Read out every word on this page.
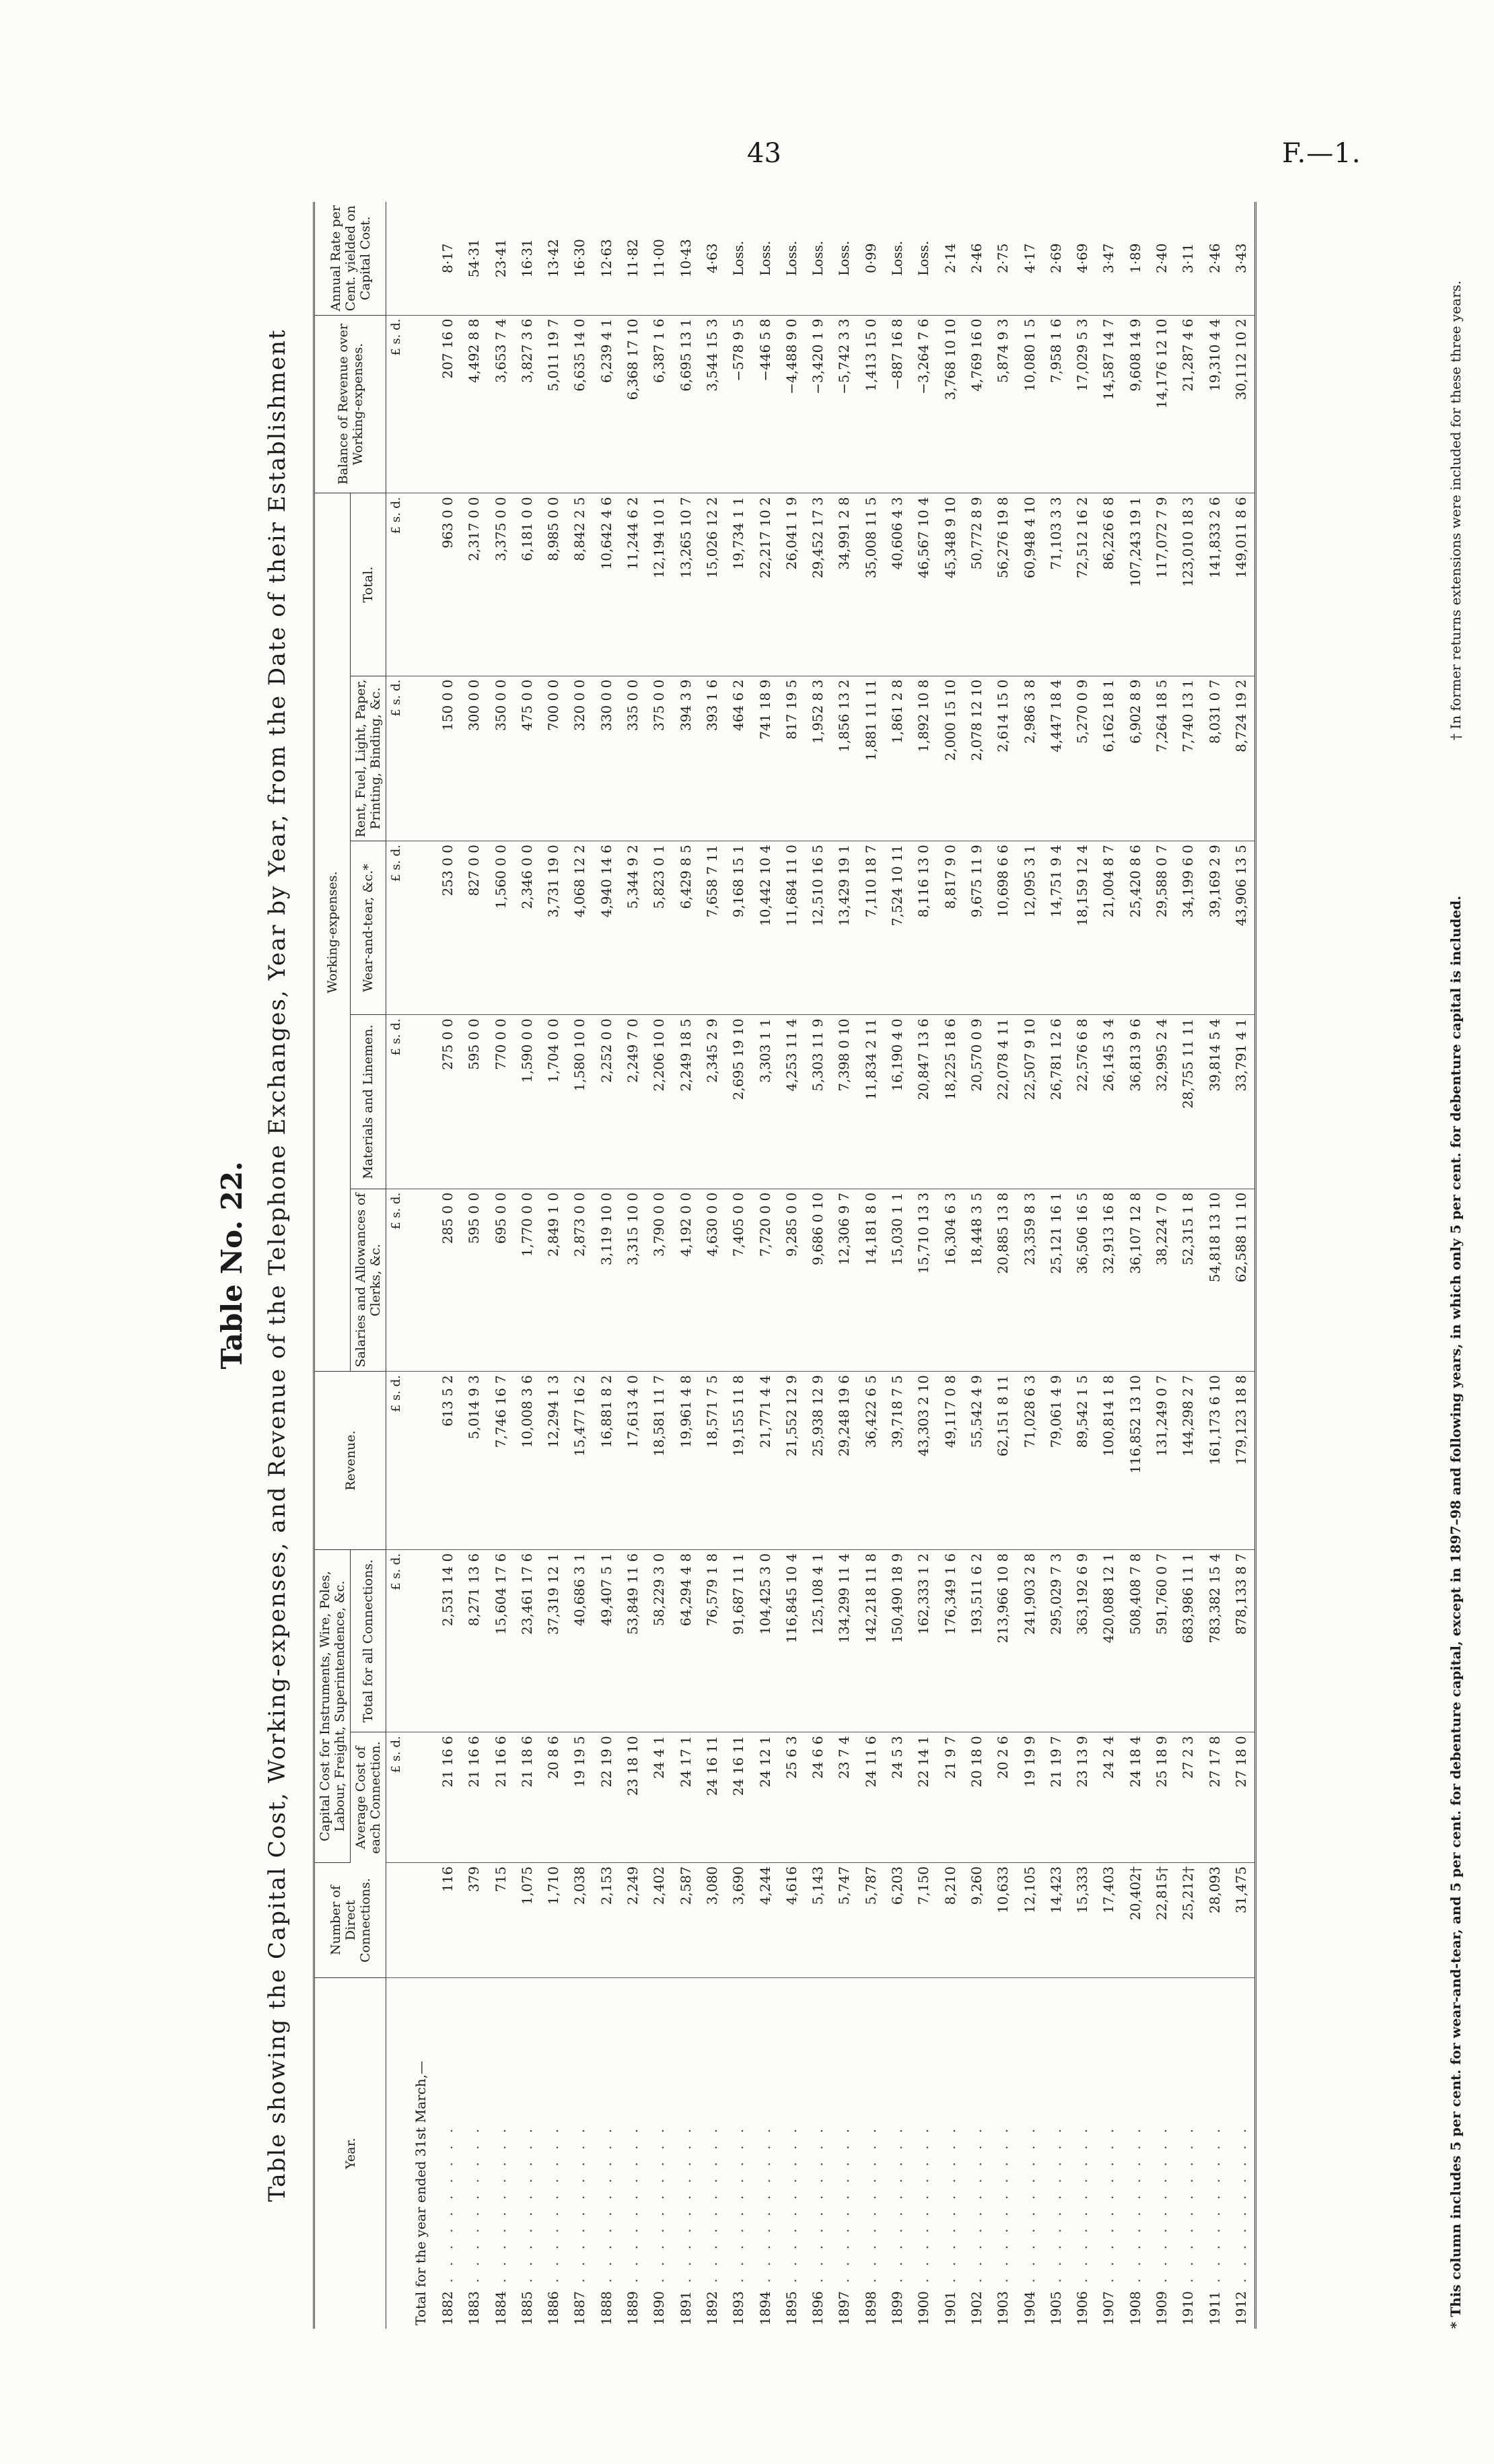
43	F.—1.
Table No. 22. Table showing the Capital Cost, Working-expenses, and Revenue of the Telephone Exchanges, Year by Year, from the Date of their Establishment	Year.	Number of Direct Connections.	Capital Cost for Instruments, Wire, Poles, Labour, Freight, Superintendence, &c.		Revenue.	Working-expenses.					Balance of Revenue over Working-expenses.	Annual Rate per Cent. yielded on Capital Cost.
		Average Cost of each Connection.	Total for all Connections.		Salaries and Allowances of Clerks, &c.	Materials and Linemen.	Wear-and-tear, &c.*	Rent, Fuel, Light, Paper, Printing, Binding, &c.	Total.		
		£ s. d.	£ s. d.	£ s. d.	£ s. d.	£ s. d.	£ s. d.	£ s. d.	£ s. d.	£ s. d.	
Total for the year ended 31st March,—											
1882 . . . . . . . . . .	116	21 16 6	2,531 14 0	613 5 2	285 0 0	275 0 0	253 0 0	150 0 0	963 0 0	207 16 0	8·17
1883 . . . . . . . . . .	379	21 16 6	8,271 13 6	5,014 9 3	595 0 0	595 0 0	827 0 0	300 0 0	2,317 0 0	4,492 8 8	54·31
1884 . . . . . . . . . .	715	21 16 6	15,604 17 6	7,746 16 7	695 0 0	770 0 0	1,560 0 0	350 0 0	3,375 0 0	3,653 7 4	23·41
1885 . . . . . . . . . .	1,075	21 18 6	23,461 17 6	10,008 3 6	1,770 0 0	1,590 0 0	2,346 0 0	475 0 0	6,181 0 0	3,827 3 6	16·31
1886 . . . . . . . . . .	1,710	20 8 6	37,319 12 1	12,294 1 3	2,849 1 0	1,704 0 0	3,731 19 0	700 0 0	8,985 0 0	5,011 19 7	13·42
1887 . . . . . . . . . .	2,038	19 19 5	40,686 3 1	15,477 16 2	2,873 0 0	1,580 10 0	4,068 12 2	320 0 0	8,842 2 5	6,635 14 0	16·30
1888 . . . . . . . . . .	2,153	22 19 0	49,407 5 1	16,881 8 2	3,119 10 0	2,252 0 0	4,940 14 6	330 0 0	10,642 4 6	6,239 4 1	12·63
1889 . . . . . . . . . .	2,249	23 18 10	53,849 11 6	17,613 4 0	3,315 10 0	2,249 7 0	5,344 9 2	335 0 0	11,244 6 2	6,368 17 10	11·82
1890 . . . . . . . . . .	2,402	24 4 1	58,229 3 0	18,581 11 7	3,790 0 0	2,206 10 0	5,823 0 1	375 0 0	12,194 10 1	6,387 1 6	11·00
1891 . . . . . . . . . .	2,587	24 17 1	64,294 4 8	19,961 4 8	4,192 0 0	2,249 18 5	6,429 8 5	394 3 9	13,265 10 7	6,695 13 1	10·43
1892 . . . . . . . . . .	3,080	24 16 11	76,579 1 8	18,571 7 5	4,630 0 0	2,345 2 9	7,658 7 11	393 1 6	15,026 12 2	3,544 15 3	4·63
1893 . . . . . . . . . .	3,690	24 16 11	91,687 11 1	19,155 11 8	7,405 0 0	2,695 19 10	9,168 15 1	464 6 2	19,734 1 1	−578 9 5	Loss.
1894 . . . . . . . . . .	4,244	24 12 1	104,425 3 0	21,771 4 4	7,720 0 0	3,303 1 1	10,442 10 4	741 18 9	22,217 10 2	−446 5 8	Loss.
1895 . . . . . . . . . .	4,616	25 6 3	116,845 10 4	21,552 12 9	9,285 0 0	4,253 11 4	11,684 11 0	817 19 5	26,041 1 9	−4,488 9 0	Loss.
1896 . . . . . . . . . .	5,143	24 6 6	125,108 4 1	25,938 12 9	9,686 0 10	5,303 11 9	12,510 16 5	1,952 8 3	29,452 17 3	−3,420 1 9	Loss.
1897 . . . . . . . . . .	5,747	23 7 4	134,299 11 4	29,248 19 6	12,306 9 7	7,398 0 10	13,429 19 1	1,856 13 2	34,991 2 8	−5,742 3 3	Loss.
1898 . . . . . . . . . .	5,787	24 11 6	142,218 11 8	36,422 6 5	14,181 8 0	11,834 2 11	7,110 18 7	1,881 11 11	35,008 11 5	1,413 15 0	0·99
1899 . . . . . . . . . .	6,203	24 5 3	150,490 18 9	39,718 7 5	15,030 1 1	16,190 4 0	7,524 10 11	1,861 2 8	40,606 4 3	−887 16 8	Loss.
1900 . . . . . . . . . .	7,150	22 14 1	162,333 1 2	43,303 2 10	15,710 13 3	20,847 13 6	8,116 13 0	1,892 10 8	46,567 10 4	−3,264 7 6	Loss.
1901 . . . . . . . . . .	8,210	21 9 7	176,349 1 6	49,117 0 8	16,304 6 3	18,225 18 6	8,817 9 0	2,000 15 10	45,348 9 10	3,768 10 10	2·14
1902 . . . . . . . . . .	9,260	20 18 0	193,511 6 2	55,542 4 9	18,448 3 5	20,570 0 9	9,675 11 9	2,078 12 10	50,772 8 9	4,769 16 0	2·46
1903 . . . . . . . . . .	10,633	20 2 6	213,966 10 8	62,151 8 11	20,885 13 8	22,078 4 11	10,698 6 6	2,614 15 0	56,276 19 8	5,874 9 3	2·75
1904 . . . . . . . . . .	12,105	19 19 9	241,903 2 8	71,028 6 3	23,359 8 3	22,507 9 10	12,095 3 1	2,986 3 8	60,948 4 10	10,080 1 5	4·17
1905 . . . . . . . . . .	14,423	21 19 7	295,029 7 3	79,061 4 9	25,121 16 1	26,781 12 6	14,751 9 4	4,447 18 4	71,103 3 3	7,958 1 6	2·69
1906 . . . . . . . . . .	15,333	23 13 9	363,192 6 9	89,542 1 5	36,506 16 5	22,576 6 8	18,159 12 4	5,270 0 9	72,512 16 2	17,029 5 3	4·69
1907 . . . . . . . . . .	17,403	24 2 4	420,088 12 1	100,814 1 8	32,913 16 8	26,145 3 4	21,004 8 7	6,162 18 1	86,226 6 8	14,587 14 7	3·47
1908 . . . . . . . . . .	20,402†	24 18 4	508,408 7 8	116,852 13 10	36,107 12 8	36,813 9 6	25,420 8 6	6,902 8 9	107,243 19 1	9,608 14 9	1·89
1909 . . . . . . . . . .	22,815†	25 18 9	591,760 0 7	131,249 0 7	38,224 7 0	32,995 2 4	29,588 0 7	7,264 18 5	117,072 7 9	14,176 12 10	2·40
1910 . . . . . . . . . .	25,212†	27 2 3	683,986 11 1	144,298 2 7	52,315 1 8	28,755 11 11	34,199 6 0	7,740 13 1	123,010 18 3	21,287 4 6	3·11
1911 . . . . . . . . . .	28,093	27 17 8	783,382 15 4	161,173 6 10	54,818 13 10	39,814 5 4	39,169 2 9	8,031 0 7	141,833 2 6	19,310 4 4	2·46
1912 . . . . . . . . . .	31,475	27 18 0	878,133 8 7	179,123 18 8	62,588 11 10	33,791 4 1	43,906 13 5	8,724 19 2	149,011 8 6	30,112 10 2	3·43
* This column includes 5 per cent. for wear-and-tear, and 5 per cent. for debenture capital, except in 1897–98 and following years, in which only 5 per cent. for debenture capital is included.
† In former returns extensions were included for these three years.
